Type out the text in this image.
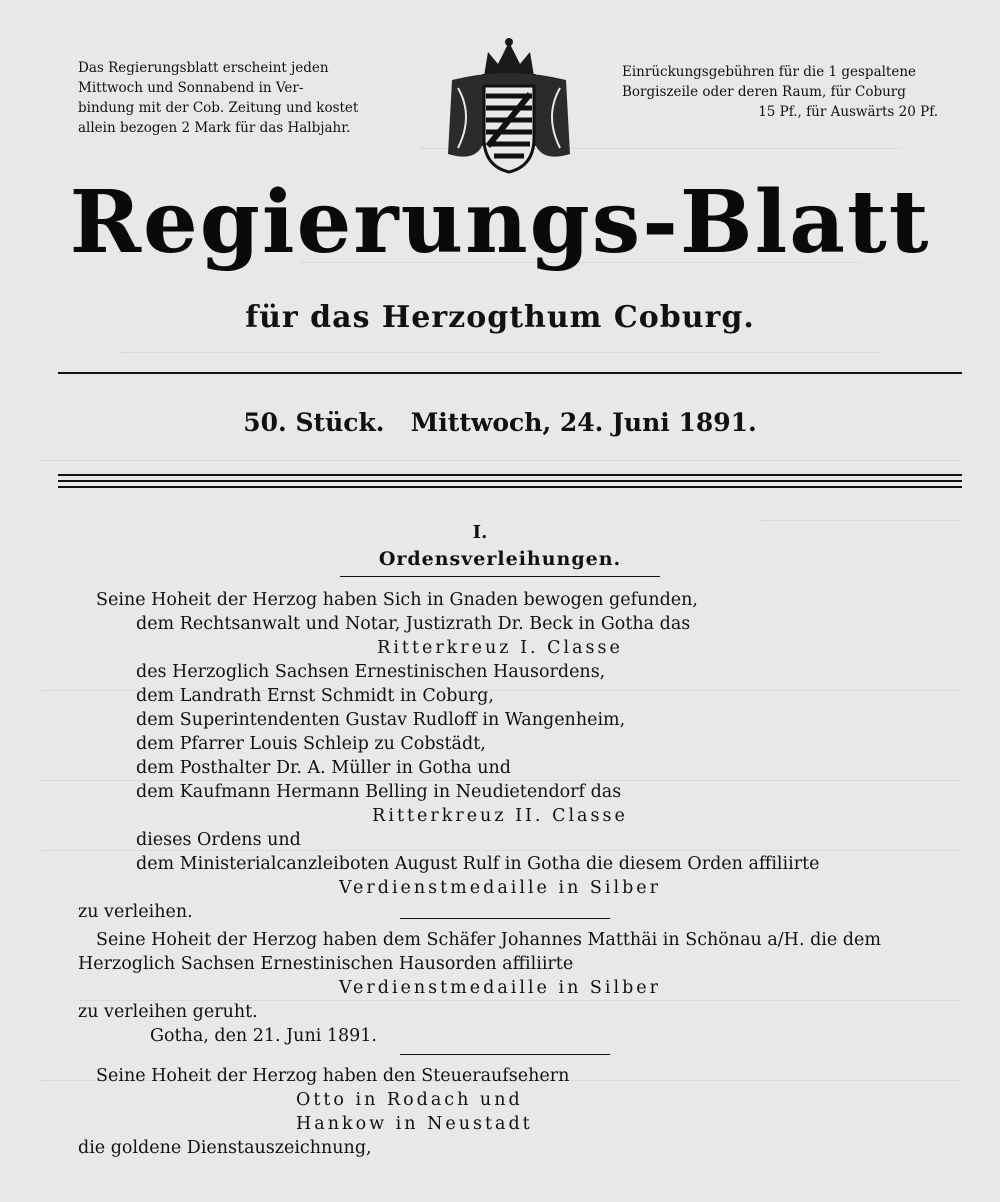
Das Regierungsblatt erscheint jeden
Mittwoch und Sonnabend in Ver-
bindung mit der Cob. Zeitung und kostet
allein bezogen 2 Mark für das Halbjahr.
Einrückungsgebühren für die 1 gespaltene
Borgiszeile oder deren Raum, für Coburg
15 Pf., für Auswärts 20 Pf.
Regierungs-Blatt
für das Herzogthum Coburg.
50. Stück.   Mittwoch, 24. Juni 1891.
I.
Ordensverleihungen.
Seine Hoheit der Herzog haben Sich in Gnaden bewogen gefunden,
dem Rechtsanwalt und Notar, Justizrath Dr. Beck in Gotha das
Ritterkreuz I. Classe
des Herzoglich Sachsen Ernestinischen Hausordens,
dem Landrath Ernst Schmidt in Coburg,
dem Superintendenten Gustav Rudloff in Wangenheim,
dem Pfarrer Louis Schleip zu Cobstädt,
dem Posthalter Dr. A. Müller in Gotha und
dem Kaufmann Hermann Belling in Neudietendorf das
Ritterkreuz II. Classe
dieses Ordens und
dem Ministerialcanzleiboten August Rulf in Gotha die diesem Orden affiliirte
Verdienstmedaille in Silber
zu verleihen.
Seine Hoheit der Herzog haben dem Schäfer Johannes Matthäi in Schönau a/H. die dem
Herzoglich Sachsen Ernestinischen Hausorden affiliirte
Verdienstmedaille in Silber
zu verleihen geruht.
Gotha, den 21. Juni 1891.
Seine Hoheit der Herzog haben den Steueraufsehern
Otto in Rodach und
Hankow in Neustadt
die goldene Dienstauszeichnung,
